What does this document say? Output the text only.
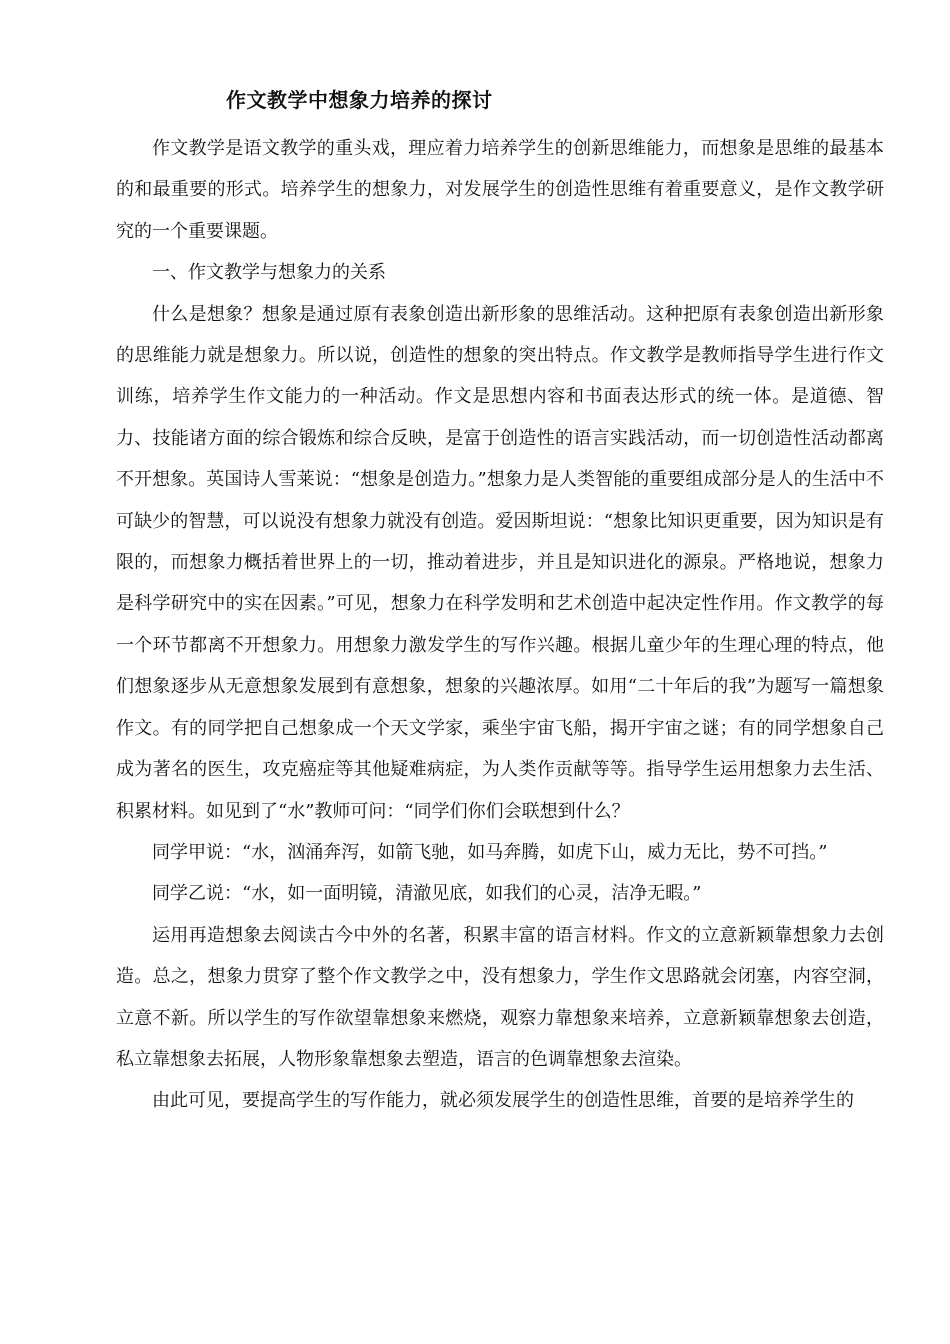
作文教学中想象力培养的探讨

作文教学是语文教学的重头戏，理应着力培养学生的创新思维能力，而想象是思维的最基本的和最重要的形式。培养学生的想象力，对发展学生的创造性思维有着重要意义，是作文教学研究的一个重要课题。

一、作文教学与想象力的关系

什么是想象？想象是通过原有表象创造出新形象的思维活动。这种把原有表象创造出新形象的思维能力就是想象力。所以说，创造性的想象的突出特点。作文教学是教师指导学生进行作文训练，培养学生作文能力的一种活动。作文是思想内容和书面表达形式的统一体。是道德、智力、技能诸方面的综合锻炼和综合反映，是富于创造性的语言实践活动，而一切创造性活动都离不开想象。英国诗人雪莱说：“想象是创造力。”想象力是人类智能的重要组成部分是人的生活中不可缺少的智慧，可以说没有想象力就没有创造。爱因斯坦说：“想象比知识更重要，因为知识是有限的，而想象力概括着世界上的一切，推动着进步，并且是知识进化的源泉。严格地说，想象力是科学研究中的实在因素。”可见，想象力在科学发明和艺术创造中起决定性作用。作文教学的每一个环节都离不开想象力。用想象力激发学生的写作兴趣。根据儿童少年的生理心理的特点，他们想象逐步从无意想象发展到有意想象，想象的兴趣浓厚。如用“二十年后的我”为题写一篇想象作文。有的同学把自己想象成一个天文学家，乘坐宇宙飞船，揭开宇宙之谜；有的同学想象自己成为著名的医生，攻克癌症等其他疑难病症，为人类作贡献等等。指导学生运用想象力去生活、积累材料。如见到了“水”教师可问：“同学们你们会联想到什么？

同学甲说：“水，汹涌奔泻，如箭飞驰，如马奔腾，如虎下山，威力无比，势不可挡。”

同学乙说：“水，如一面明镜，清澈见底，如我们的心灵，洁净无暇。”

运用再造想象去阅读古今中外的名著，积累丰富的语言材料。作文的立意新颖靠想象力去创造。总之，想象力贯穿了整个作文教学之中，没有想象力，学生作文思路就会闭塞，内容空洞，立意不新。所以学生的写作欲望靠想象来燃烧，观察力靠想象来培养，立意新颖靠想象去创造，私立靠想象去拓展，人物形象靠想象去塑造，语言的色调靠想象去渲染。

由此可见，要提高学生的写作能力，就必须发展学生的创造性思维，首要的是培养学生的
